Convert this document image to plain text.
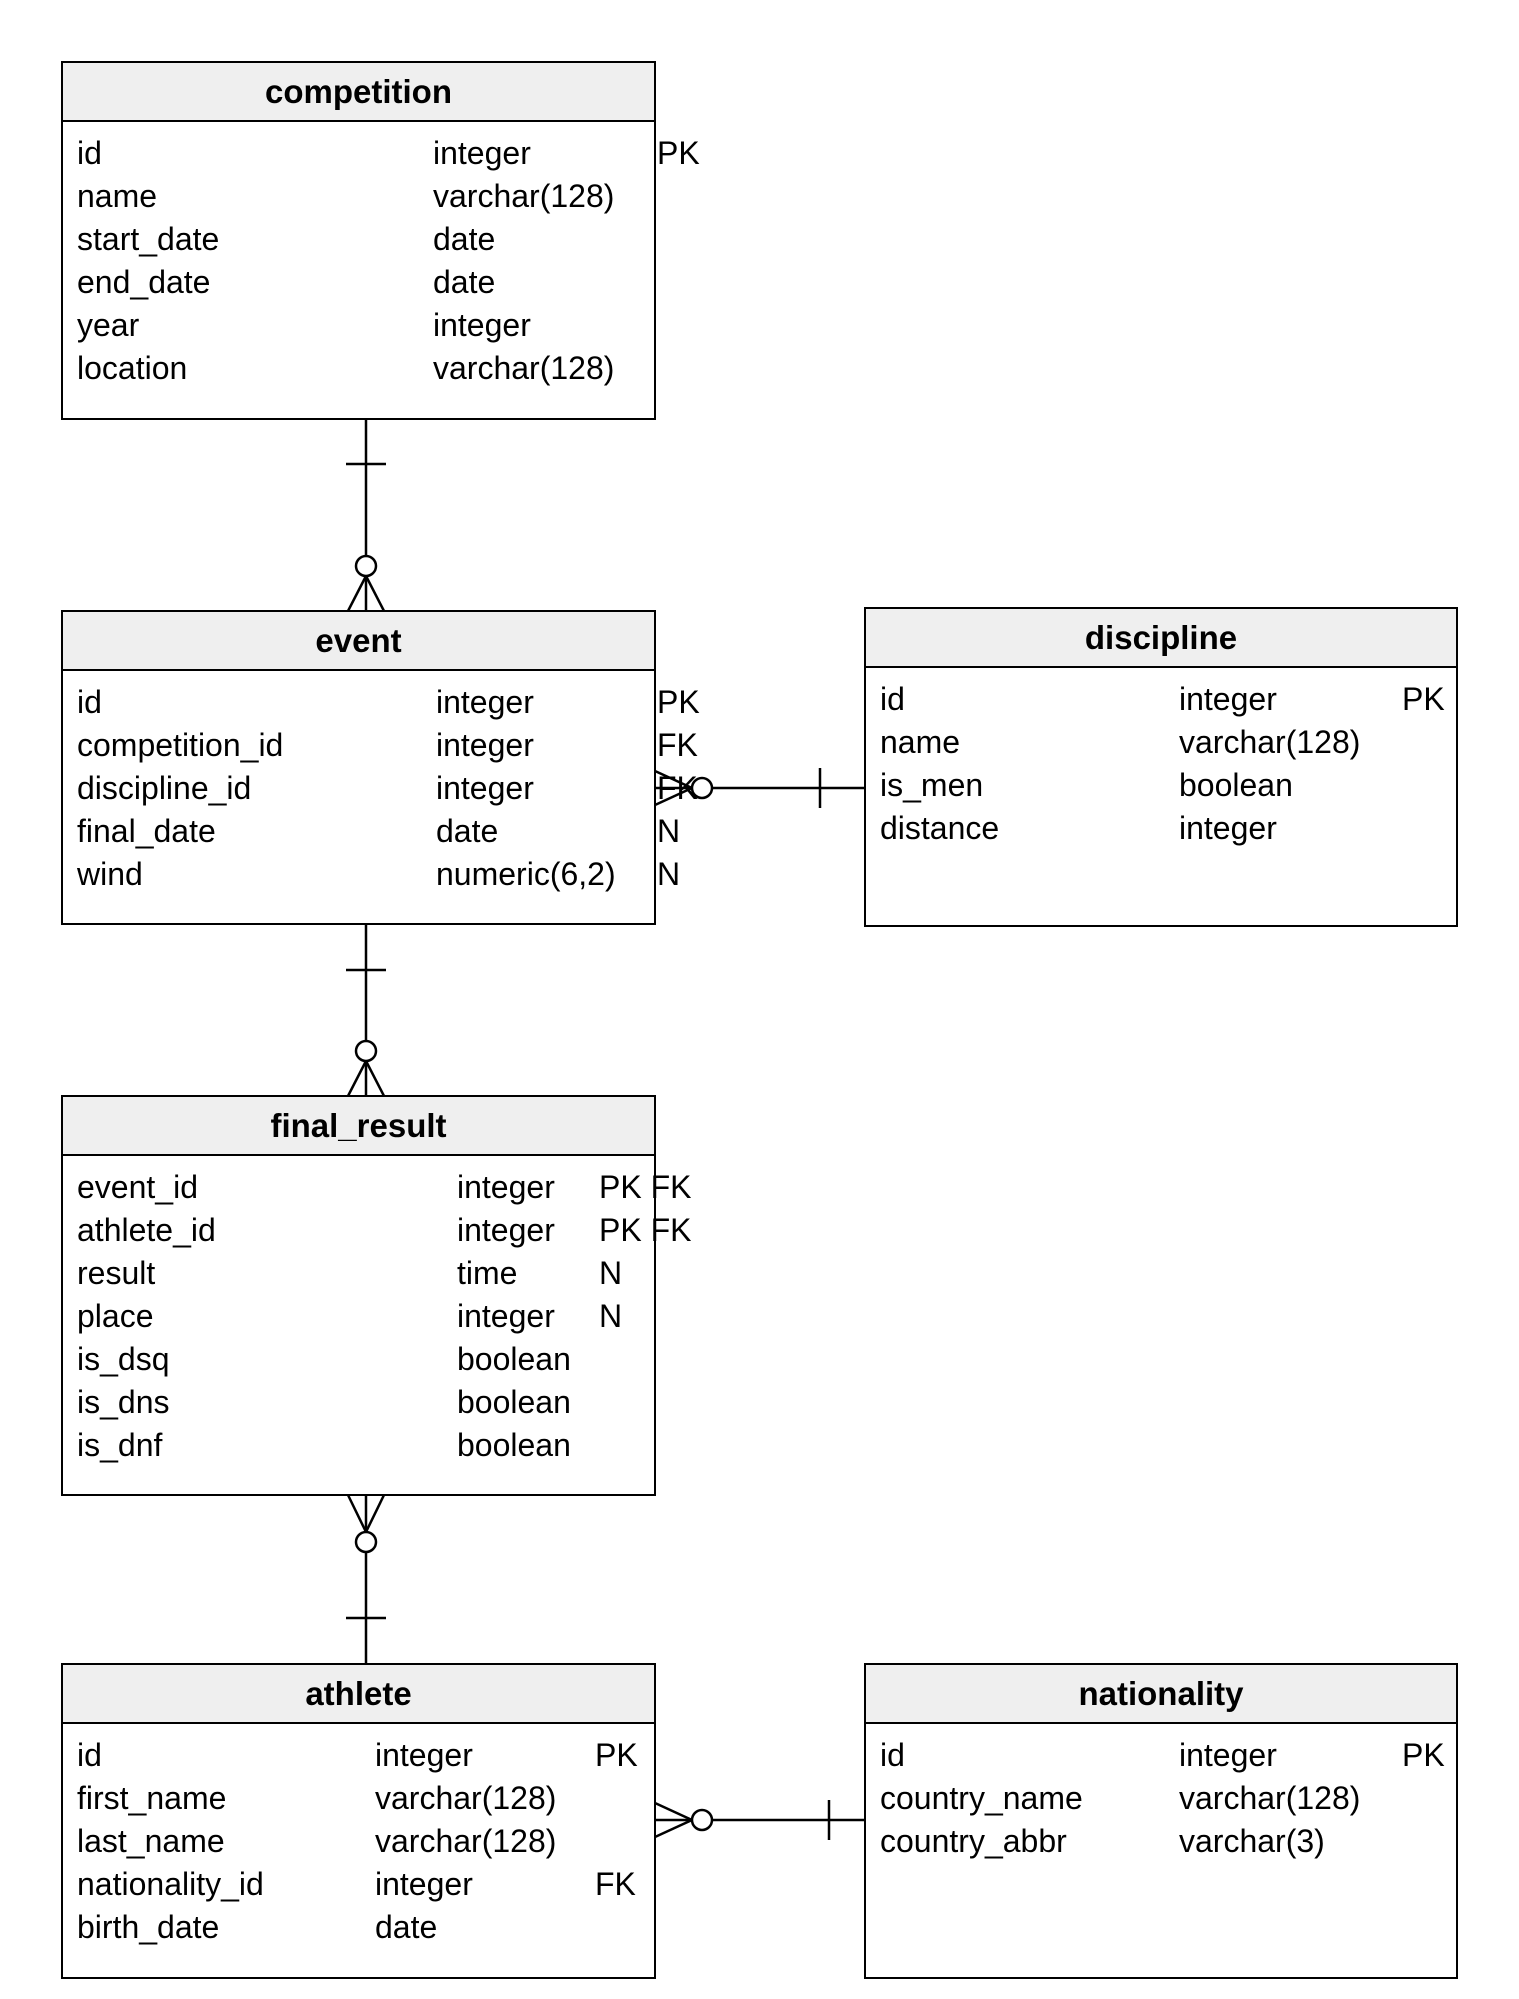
competition
id	integer	PK
name	varchar(128)
start_date	date
end_date	date
year	integer
location	varchar(128)
event
id	integer	PK
competition_id	integer	FK
discipline_id	integer	FK
final_date	date	N
wind	numeric(6,2) N
discipline
id	integer	PK
name	varchar(128)
is_men	boolean
distance	integer
final_result
event_id	integer PK FK
athlete_id	integer PK FK
result	time	N
place	integer N
is_dsq	boolean
is_dns	boolean
is_dnf	boolean
athlete
id	integer	PK
first_name	varchar(128)
last_name	varchar(128)
nationality_id	integer	FK
birth_date	date
nationality
id	integer	PK
country_name	varchar(128)
country_abbr	varchar(3)
